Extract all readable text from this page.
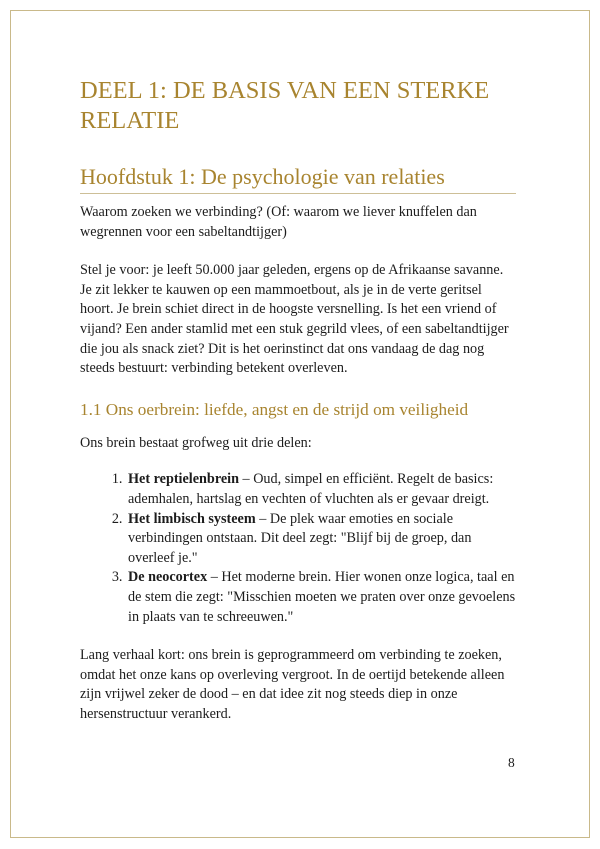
DEEL 1: DE BASIS VAN EEN STERKE RELATIE
Hoofdstuk 1: De psychologie van relaties

Waarom zoeken we verbinding? (Of: waarom we liever knuffelen dan wegrennen voor een sabeltandtijger)

Stel je voor: je leeft 50.000 jaar geleden, ergens op de Afrikaanse savanne. Je zit lekker te kauwen op een mammoetbout, als je in de verte geritsel hoort. Je brein schiet direct in de hoogste versnelling. Is het een vriend of vijand? Een ander stamlid met een stuk gegrild vlees, of een sabeltandtijger die jou als snack ziet? Dit is het oerinstinct dat ons vandaag de dag nog steeds bestuurt: verbinding betekent overleven.

1.1 Ons oerbrein: liefde, angst en de strijd om veiligheid

Ons brein bestaat grofweg uit drie delen:

1. Het reptielenbrein – Oud, simpel en efficiënt. Regelt de basics: ademhalen, hartslag en vechten of vluchten als er gevaar dreigt.
2. Het limbisch systeem – De plek waar emoties en sociale verbindingen ontstaan. Dit deel zegt: "Blijf bij de groep, dan overleef je."
3. De neocortex – Het moderne brein. Hier wonen onze logica, taal en de stem die zegt: "Misschien moeten we praten over onze gevoelens in plaats van te schreeuwen."

Lang verhaal kort: ons brein is geprogrammeerd om verbinding te zoeken, omdat het onze kans op overleving vergroot. In de oertijd betekende alleen zijn vrijwel zeker de dood – en dat idee zit nog steeds diep in onze hersenstructuur verankerd.

8
